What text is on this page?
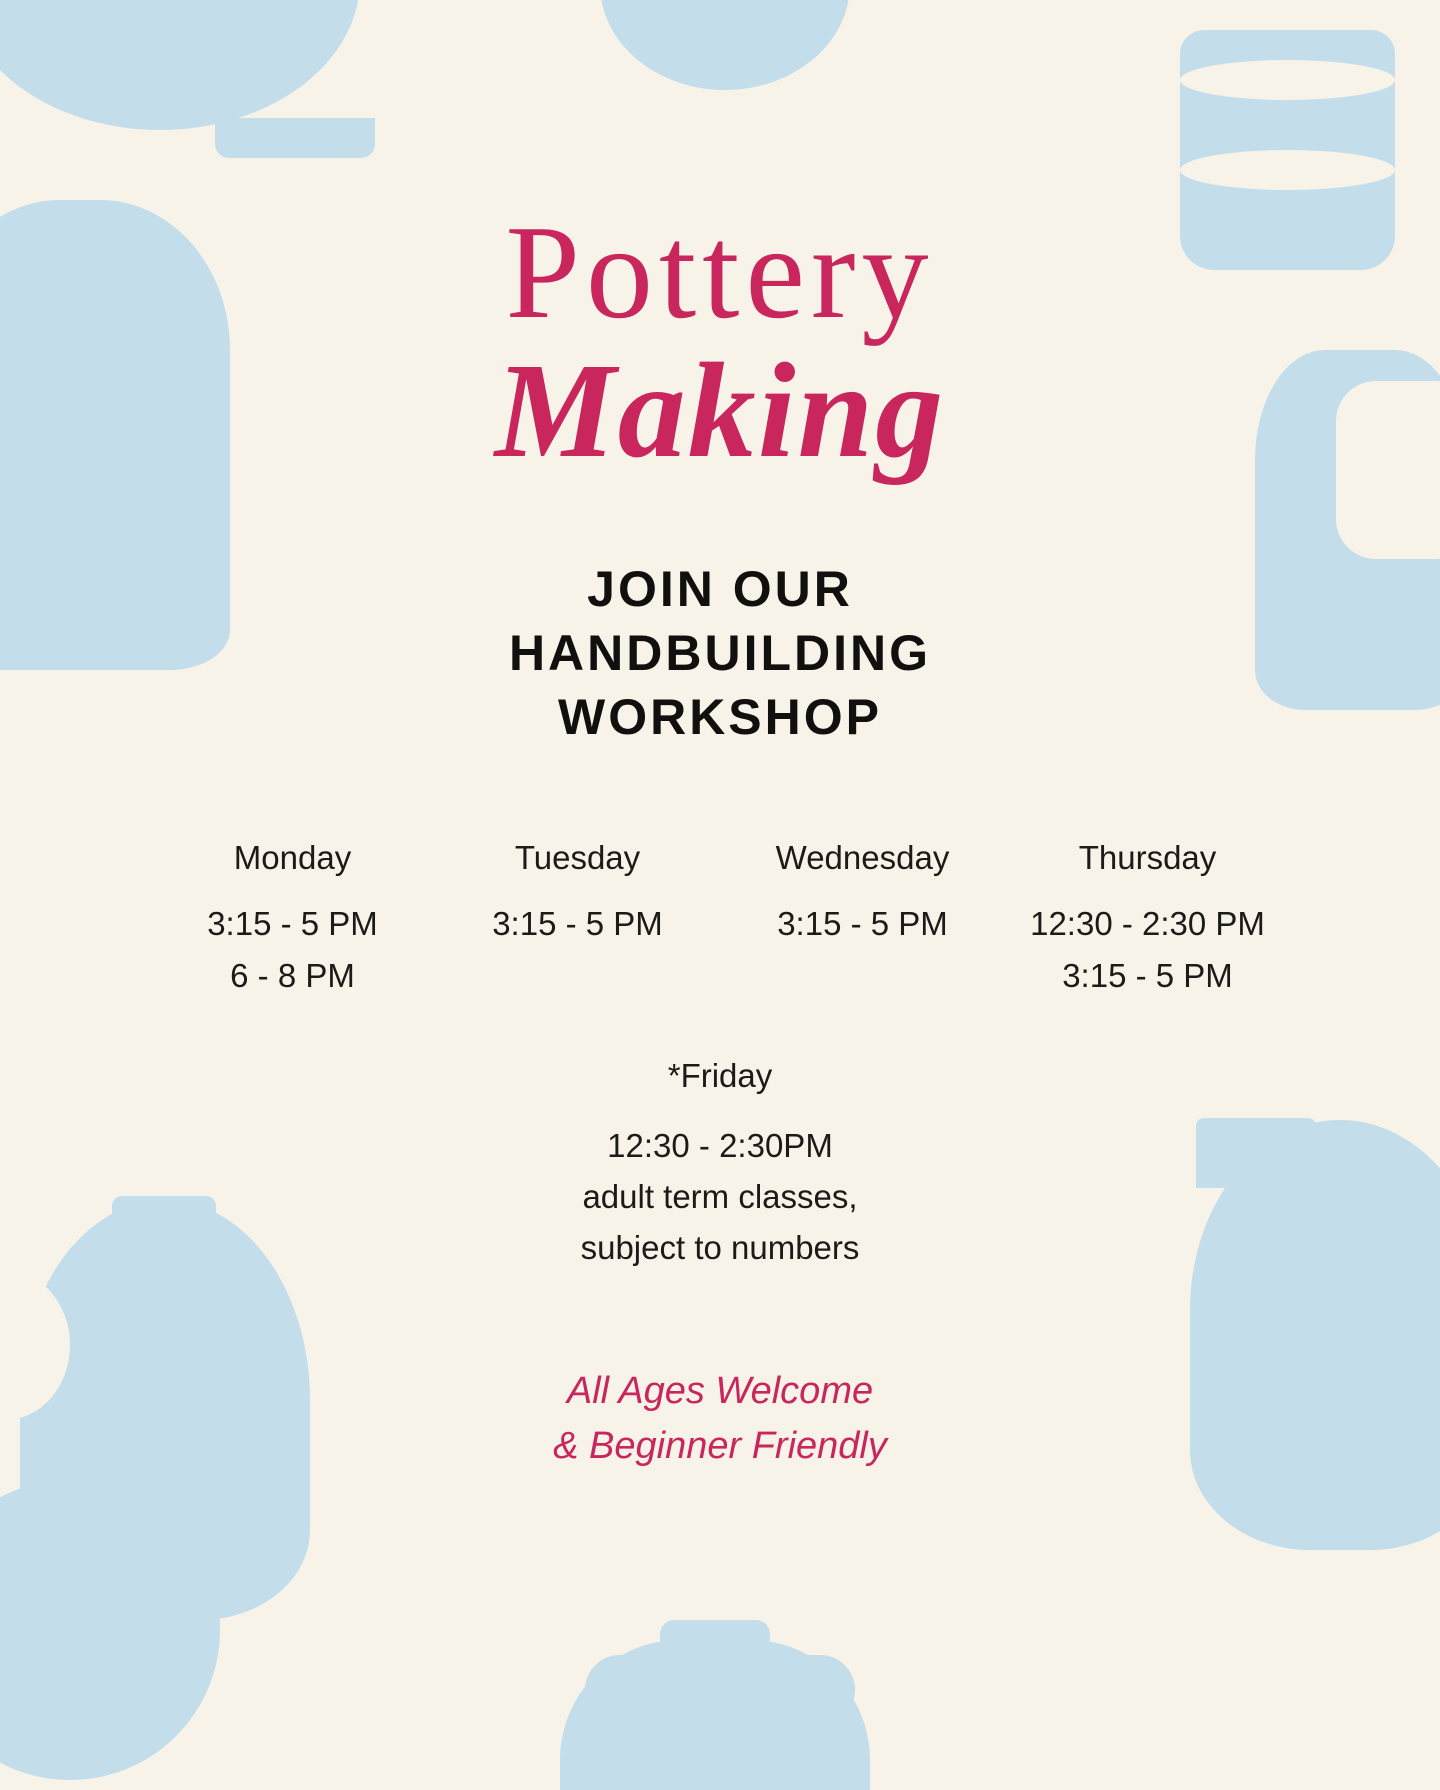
Pottery
Making
JOIN OUR HANDBUILDING WORKSHOP
Monday
3:15 - 5 PM
6 - 8 PM
Tuesday
3:15 - 5 PM
Wednesday
3:15 - 5 PM
Thursday
12:30 - 2:30 PM
3:15 - 5 PM
*Friday
12:30 - 2:30PM
adult term classes,
subject to numbers
All Ages Welcome
& Beginner Friendly
